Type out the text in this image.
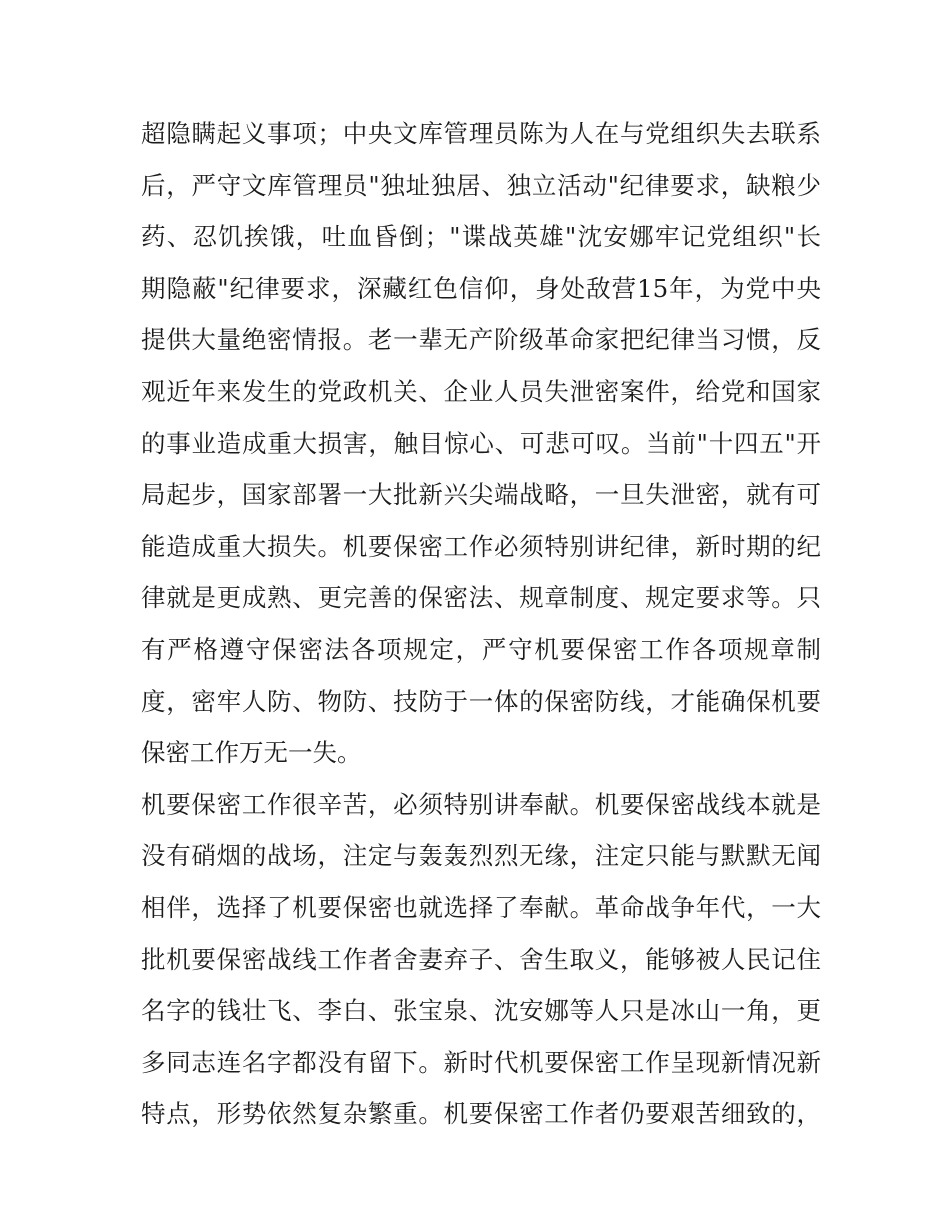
超隐瞒起义事项；中央文库管理员陈为人在与党组织失去联系
后，严守文库管理员"独址独居、独立活动"纪律要求，缺粮少
药、忍饥挨饿，吐血昏倒；"谍战英雄"沈安娜牢记党组织"长
期隐蔽"纪律要求，深藏红色信仰，身处敌营15年，为党中央
提供大量绝密情报。老一辈无产阶级革命家把纪律当习惯，反
观近年来发生的党政机关、企业人员失泄密案件，给党和国家
的事业造成重大损害，触目惊心、可悲可叹。当前"十四五"开
局起步，国家部署一大批新兴尖端战略，一旦失泄密，就有可
能造成重大损失。机要保密工作必须特别讲纪律，新时期的纪
律就是更成熟、更完善的保密法、规章制度、规定要求等。只
有严格遵守保密法各项规定，严守机要保密工作各项规章制
度，密牢人防、物防、技防于一体的保密防线，才能确保机要
保密工作万无一失。
机要保密工作很辛苦，必须特别讲奉献。机要保密战线本就是
没有硝烟的战场，注定与轰轰烈烈无缘，注定只能与默默无闻
相伴，选择了机要保密也就选择了奉献。革命战争年代，一大
批机要保密战线工作者舍妻弃子、舍生取义，能够被人民记住
名字的钱壮飞、李白、张宝泉、沈安娜等人只是冰山一角，更
多同志连名字都没有留下。新时代机要保密工作呈现新情况新
特点，形势依然复杂繁重。机要保密工作者仍要艰苦细致的，
